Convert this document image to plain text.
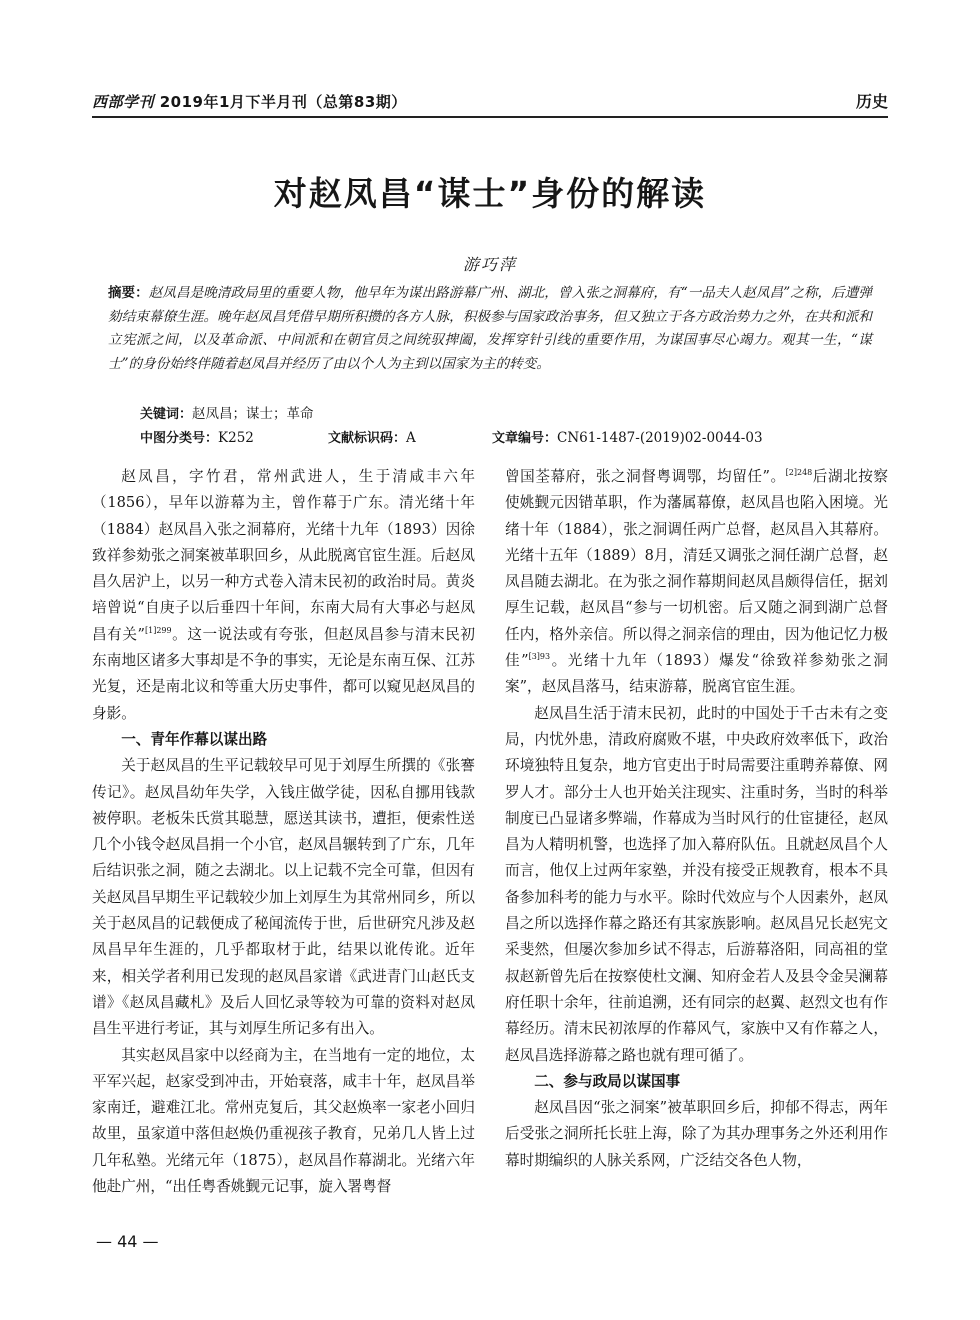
西部学刊 2019年1月下半月刊（总第83期）	历史
对赵凤昌“谋士”身份的解读
游巧萍
摘要：赵凤昌是晚清政局里的重要人物，他早年为谋出路游幕广州、湖北，曾入张之洞幕府，有“一品夫人赵凤昌”之称，后遭弹劾结束幕僚生涯。晚年赵凤昌凭借早期所积攒的各方人脉，积极参与国家政治事务，但又独立于各方政治势力之外，在共和派和立宪派之间，以及革命派、中间派和在朝官员之间统驭捭阖，发挥穿针引线的重要作用，为谋国事尽心竭力。观其一生，“谋士”的身份始终伴随着赵凤昌并经历了由以个人为主到以国家为主的转变。
关键词：赵凤昌；谋士；革命
中图分类号：K252	文献标识码：A	文章编号：CN61-1487-(2019)02-0044-03

赵凤昌，字竹君，常州武进人，生于清咸丰六年（1856），早年以游幕为主，曾作幕于广东。清光绪十年（1884）赵凤昌入张之洞幕府，光绪十九年（1893）因徐致祥参劾张之洞案被革职回乡，从此脱离官宦生涯。后赵凤昌久居沪上，以另一种方式卷入清末民初的政治时局。黄炎培曾说“自庚子以后垂四十年间，东南大局有大事必与赵凤昌有关”$^{[1]299}$。这一说法或有夸张，但赵凤昌参与清末民初东南地区诸多大事却是不争的事实，无论是东南互保、江苏光复，还是南北议和等重大历史事件，都可以窥见赵凤昌的身影。

一、青年作幕以谋出路

关于赵凤昌的生平记载较早可见于刘厚生所撰的《张謇传记》。赵凤昌幼年失学，入钱庄做学徒，因私自挪用钱款被停职。老板朱氏赏其聪慧，愿送其读书，遭拒，便索性送几个小钱令赵凤昌捐一个小官，赵凤昌辗转到了广东，几年后结识张之洞，随之去湖北。以上记载不完全可靠，但因有关赵凤昌早期生平记载较少加上刘厚生为其常州同乡，所以关于赵凤昌的记载便成了秘闻流传于世，后世研究凡涉及赵凤昌早年生涯的，几乎都取材于此，结果以讹传讹。近年来，相关学者利用已发现的赵凤昌家谱《武进青门山赵氏支谱》《赵凤昌藏札》及后人回忆录等较为可靠的资料对赵凤昌生平进行考证，其与刘厚生所记多有出入。

其实赵凤昌家中以经商为主，在当地有一定的地位，太平军兴起，赵家受到冲击，开始衰落，咸丰十年，赵凤昌举家南迁，避难江北。常州克复后，其父赵焕率一家老小回归故里，虽家道中落但赵焕仍重视孩子教育，兄弟几人皆上过几年私塾。光绪元年（1875），赵凤昌作幕湖北。光绪六年他赴广州，“出任粤香姚觐元记事，旋入署粤督

曾国荃幕府，张之洞督粤调鄂，均留任”。$^{[2]248}$后湖北按察使姚觐元因错革职，作为藩属幕僚，赵凤昌也陷入困境。光绪十年（1884），张之洞调任两广总督，赵凤昌入其幕府。光绪十五年（1889）8月，清廷又调张之洞任湖广总督，赵凤昌随去湖北。在为张之洞作幕期间赵凤昌颇得信任，据刘厚生记载，赵凤昌“参与一切机密。后又随之洞到湖广总督任内，格外亲信。所以得之洞亲信的理由，因为他记忆力极佳”$^{[3]93}$。光绪十九年（1893）爆发“徐致祥参劾张之洞案”，赵凤昌落马，结束游幕，脱离官宦生涯。

赵凤昌生活于清末民初，此时的中国处于千古未有之变局，内忧外患，清政府腐败不堪，中央政府效率低下，政治环境独特且复杂，地方官吏出于时局需要注重聘养幕僚、网罗人才。部分士人也开始关注现实、注重时务，当时的科举制度已凸显诸多弊端，作幕成为当时风行的仕宦捷径，赵凤昌为人精明机警，也选择了加入幕府队伍。且就赵凤昌个人而言，他仅上过两年家塾，并没有接受正规教育，根本不具备参加科考的能力与水平。除时代效应与个人因素外，赵凤昌之所以选择作幕之路还有其家族影响。赵凤昌兄长赵宪文采斐然，但屡次参加乡试不得志，后游幕洛阳，同高祖的堂叔赵新曾先后在按察使杜文澜、知府金若人及县令金吴澜幕府任职十余年，往前追溯，还有同宗的赵翼、赵烈文也有作幕经历。清末民初浓厚的作幕风气，家族中又有作幕之人，赵凤昌选择游幕之路也就有理可循了。

二、参与政局以谋国事

赵凤昌因“张之洞案”被革职回乡后，抑郁不得志，两年后受张之洞所托长驻上海，除了为其办理事务之外还利用作幕时期编织的人脉关系网，广泛结交各色人物，

— 44 —
